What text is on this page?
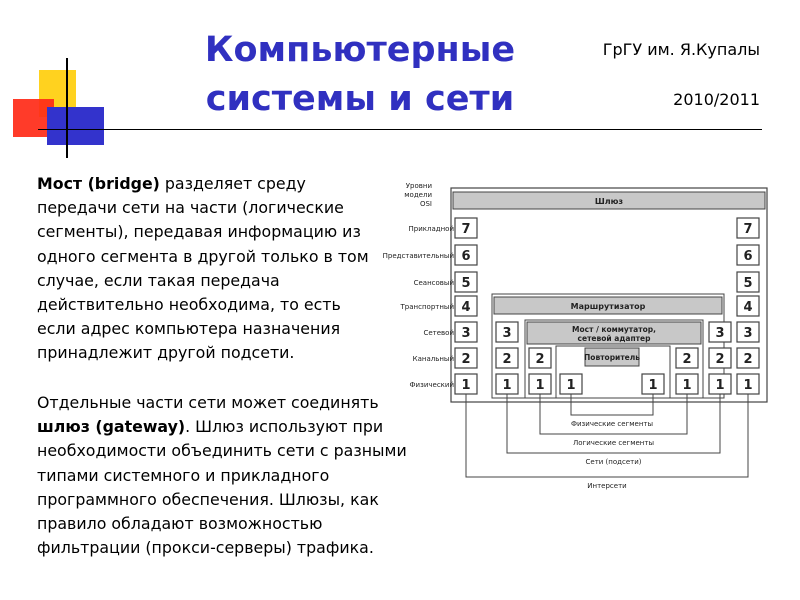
Компьютерные
системы и сети
ГрГУ им. Я.Купалы
2010/2011
Мост (bridge) разделяет среду передачи сети на части (логические сегменты), передавая информацию из одного сегмента в другой только в том случае, если такая передача действительно необходима, то есть если адрес компьютера назначения принадлежит другой подсети.
Отдельные части сети может соединять шлюз (gateway). Шлюз используют при необходимости объединить сети с разными типами системного и прикладного программного обеспечения. Шлюзы, как правило обладают возможностью фильтрации (прокси-серверы) трафика.
Уровни
модели
OSI	Шлюз
Маршрутизатор
Мост / коммутатор,
сетевой адаптер
Повторитель
Прикладной 7	7
Представительный 6	6
Сеансовый 5	5
Транспортный 4	4
Сетевой 3 3	3 3
Канальный 2 2 2	2 2 2
Физический 1 1 1 1	1 1 1 1
Физические сегменты
Логические сегменты
Сети (подсети)
Интерсети
